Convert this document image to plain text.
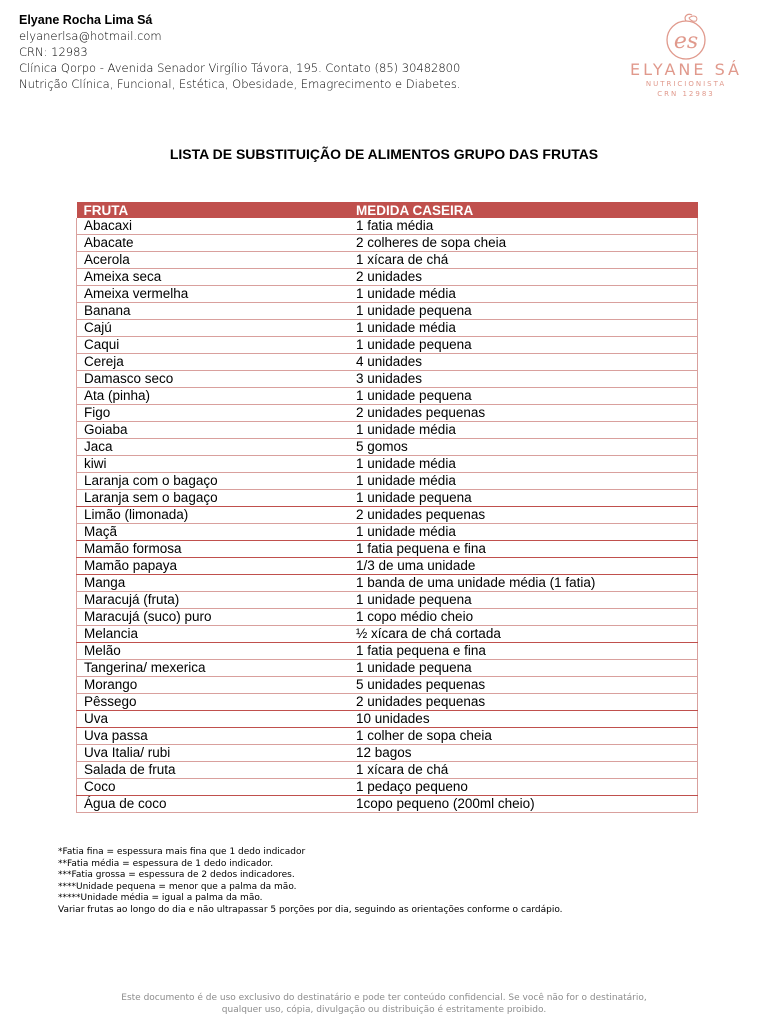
Elyane Rocha Lima Sá
elyanerlsa@hotmail.com
CRN: 12983
Clínica Qorpo - Avenida Senador Virgílio Távora, 195. Contato (85) 30482800
Nutrição Clínica, Funcional, Estética, Obesidade, Emagrecimento e Diabetes.
es
ELYANE SÁ
NUTRICIONISTA
CRN 12983
LISTA DE SUBSTITUIÇÃO DE ALIMENTOS GRUPO DAS FRUTAS
FRUTA	MEDIDA CASEIRA
Abacaxi	1 fatia média
Abacate	2 colheres de sopa cheia
Acerola	1 xícara de chá
Ameixa seca	2 unidades
Ameixa vermelha	1 unidade média
Banana	1 unidade pequena
Cajú	1 unidade média
Caqui	1 unidade pequena
Cereja	4 unidades
Damasco seco	3 unidades
Ata (pinha)	1 unidade pequena
Figo	2 unidades pequenas
Goiaba	1 unidade média
Jaca	5 gomos
kiwi	1 unidade média
Laranja com o bagaço	1 unidade média
Laranja sem o bagaço	1 unidade pequena
Limão (limonada)	2 unidades pequenas
Maçã	1 unidade média
Mamão formosa	1 fatia pequena e fina
Mamão papaya	1/3 de uma unidade
Manga	1 banda de uma unidade média (1 fatia)
Maracujá (fruta)	1 unidade pequena
Maracujá (suco) puro	1 copo médio cheio
Melancia	½ xícara de chá cortada
Melão	1 fatia pequena e fina
Tangerina/ mexerica	1 unidade pequena
Morango	5 unidades pequenas
Pêssego	2 unidades pequenas
Uva	10 unidades
Uva passa	1 colher de sopa cheia
Uva Italia/ rubi	12 bagos
Salada de fruta	1 xícara de chá
Coco	1 pedaço pequeno
Água de coco	1copo pequeno (200ml cheio)
*Fatia fina = espessura mais fina que 1 dedo indicador
**Fatia média = espessura de 1 dedo indicador.
***Fatia grossa = espessura de 2 dedos indicadores.
****Unidade pequena = menor que a palma da mão.
*****Unidade média = igual a palma da mão.
Variar frutas ao longo do dia e não ultrapassar 5 porções por dia, seguindo as orientações conforme o cardápio.
Este documento é de uso exclusivo do destinatário e pode ter conteúdo confidencial. Se você não for o destinatário,
qualquer uso, cópia, divulgação ou distribuição é estritamente proibido.
